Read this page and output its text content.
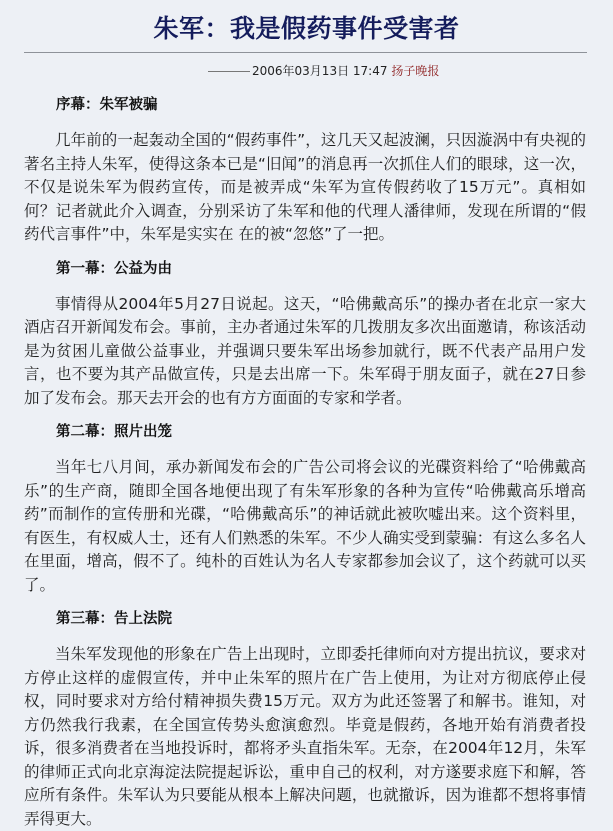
朱军：我是假药事件受害者
2006年03月13日 17:47 扬子晚报
序幕：朱军被骗

几年前的一起轰动全国的“假药事件”，这几天又起波澜，只因漩涡中有央视的著名主持人朱军，使得这条本已是“旧闻”的消息再一次抓住人们的眼球，这一次，不仅是说朱军为假药宣传，而是被弄成“朱军为宣传假药收了15万元”。真相如何？记者就此介入调查，分别采访了朱军和他的代理人潘律师，发现在所谓的“假药代言事件”中，朱军是实实在 在的被“忽悠”了一把。

第一幕：公益为由

事情得从2004年5月27日说起。这天，“哈佛戴高乐”的操办者在北京一家大酒店召开新闻发布会。事前，主办者通过朱军的几拨朋友多次出面邀请，称该活动是为贫困儿童做公益事业，并强调只要朱军出场参加就行，既不代表产品用户发言，也不要为其产品做宣传，只是去出席一下。朱军碍于朋友面子，就在27日参加了发布会。那天去开会的也有方方面面的专家和学者。

第二幕：照片出笼

当年七八月间，承办新闻发布会的广告公司将会议的光碟资料给了“哈佛戴高乐”的生产商，随即全国各地便出现了有朱军形象的各种为宣传“哈佛戴高乐增高药”而制作的宣传册和光碟，“哈佛戴高乐”的神话就此被吹嘘出来。这个资料里，有医生，有权威人士，还有人们熟悉的朱军。不少人确实受到蒙骗：有这么多名人在里面，增高，假不了。纯朴的百姓认为名人专家都参加会议了，这个药就可以买了。

第三幕：告上法院

当朱军发现他的形象在广告上出现时，立即委托律师向对方提出抗议，要求对方停止这样的虚假宣传，并中止朱军的照片在广告上使用，为让对方彻底停止侵权，同时要求对方给付精神损失费15万元。双方为此还签署了和解书。谁知，对方仍然我行我素，在全国宣传势头愈演愈烈。毕竟是假药，各地开始有消费者投诉，很多消费者在当地投诉时，都将矛头直指朱军。无奈，在2004年12月，朱军的律师正式向北京海淀法院提起诉讼，重申自己的权利，对方遂要求庭下和解，答应所有条件。朱军认为只要能从根本上解决问题，也就撤诉，因为谁都不想将事情弄得更大。
